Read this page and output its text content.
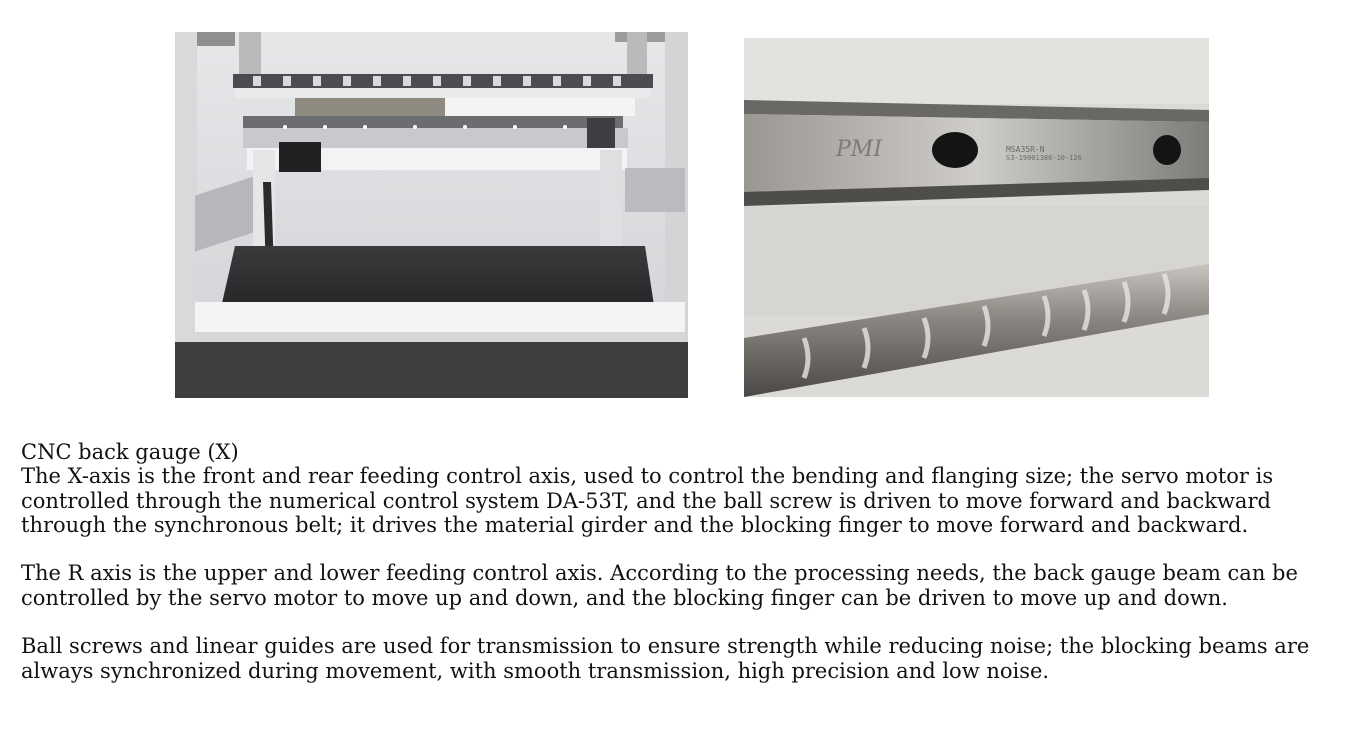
PMI	MSA35R-N
S3-19001386-10-126

CNC back gauge (X)

The X-axis is the front and rear feeding control axis, used to control the bending and flanging size; the servo motor is controlled through the numerical control system DA-53T, and the ball screw is driven to move forward and backward through the synchronous belt; it drives the material girder and the blocking finger to move forward and backward.

The R axis is the upper and lower feeding control axis. According to the processing needs, the back gauge beam can be controlled by the servo motor to move up and down, and the blocking finger can be driven to move up and down.

Ball screws and linear guides are used for transmission to ensure strength while reducing noise; the blocking beams are always synchronized during movement, with smooth transmission, high precision and low noise.
